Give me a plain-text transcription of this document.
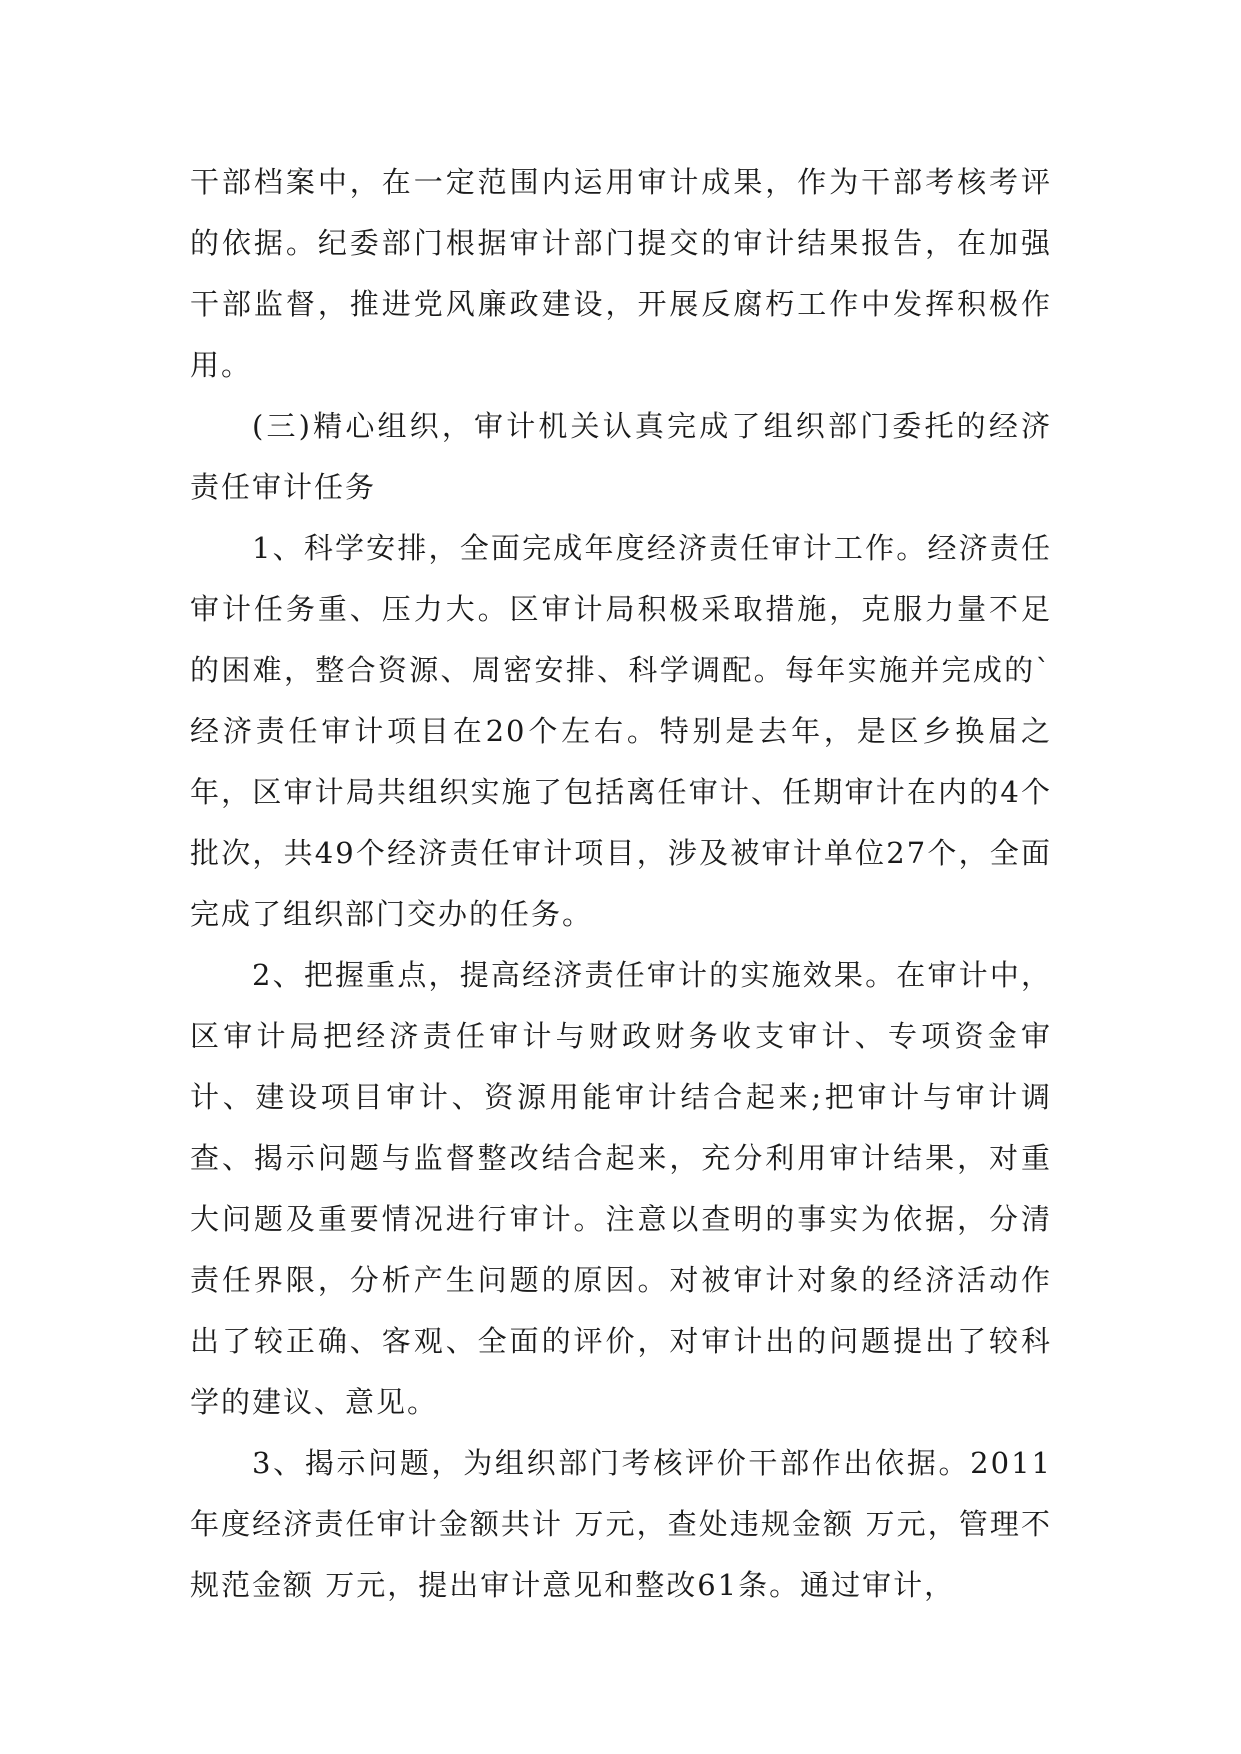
干部档案中，在一定范围内运用审计成果，作为干部考核考评的依据。纪委部门根据审计部门提交的审计结果报告，在加强干部监督，推进党风廉政建设，开展反腐朽工作中发挥积极作用。

(三)精心组织，审计机关认真完成了组织部门委托的经济责任审计任务

1、科学安排，全面完成年度经济责任审计工作。经济责任审计任务重、压力大。区审计局积极采取措施，克服力量不足的困难，整合资源、周密安排、科学调配。每年实施并完成的`经济责任审计项目在20个左右。特别是去年，是区乡换届之年，区审计局共组织实施了包括离任审计、任期审计在内的4个批次，共49个经济责任审计项目，涉及被审计单位27个，全面完成了组织部门交办的任务。

2、把握重点，提高经济责任审计的实施效果。在审计中，区审计局把经济责任审计与财政财务收支审计、专项资金审计、建设项目审计、资源用能审计结合起来;把审计与审计调查、揭示问题与监督整改结合起来，充分利用审计结果，对重大问题及重要情况进行审计。注意以查明的事实为依据，分清责任界限，分析产生问题的原因。对被审计对象的经济活动作出了较正确、客观、全面的评价，对审计出的问题提出了较科学的建议、意见。

3、揭示问题，为组织部门考核评价干部作出依据。2011年度经济责任审计金额共计 万元，查处违规金额 万元，管理不规范金额 万元，提出审计意见和整改61条。通过审计，
